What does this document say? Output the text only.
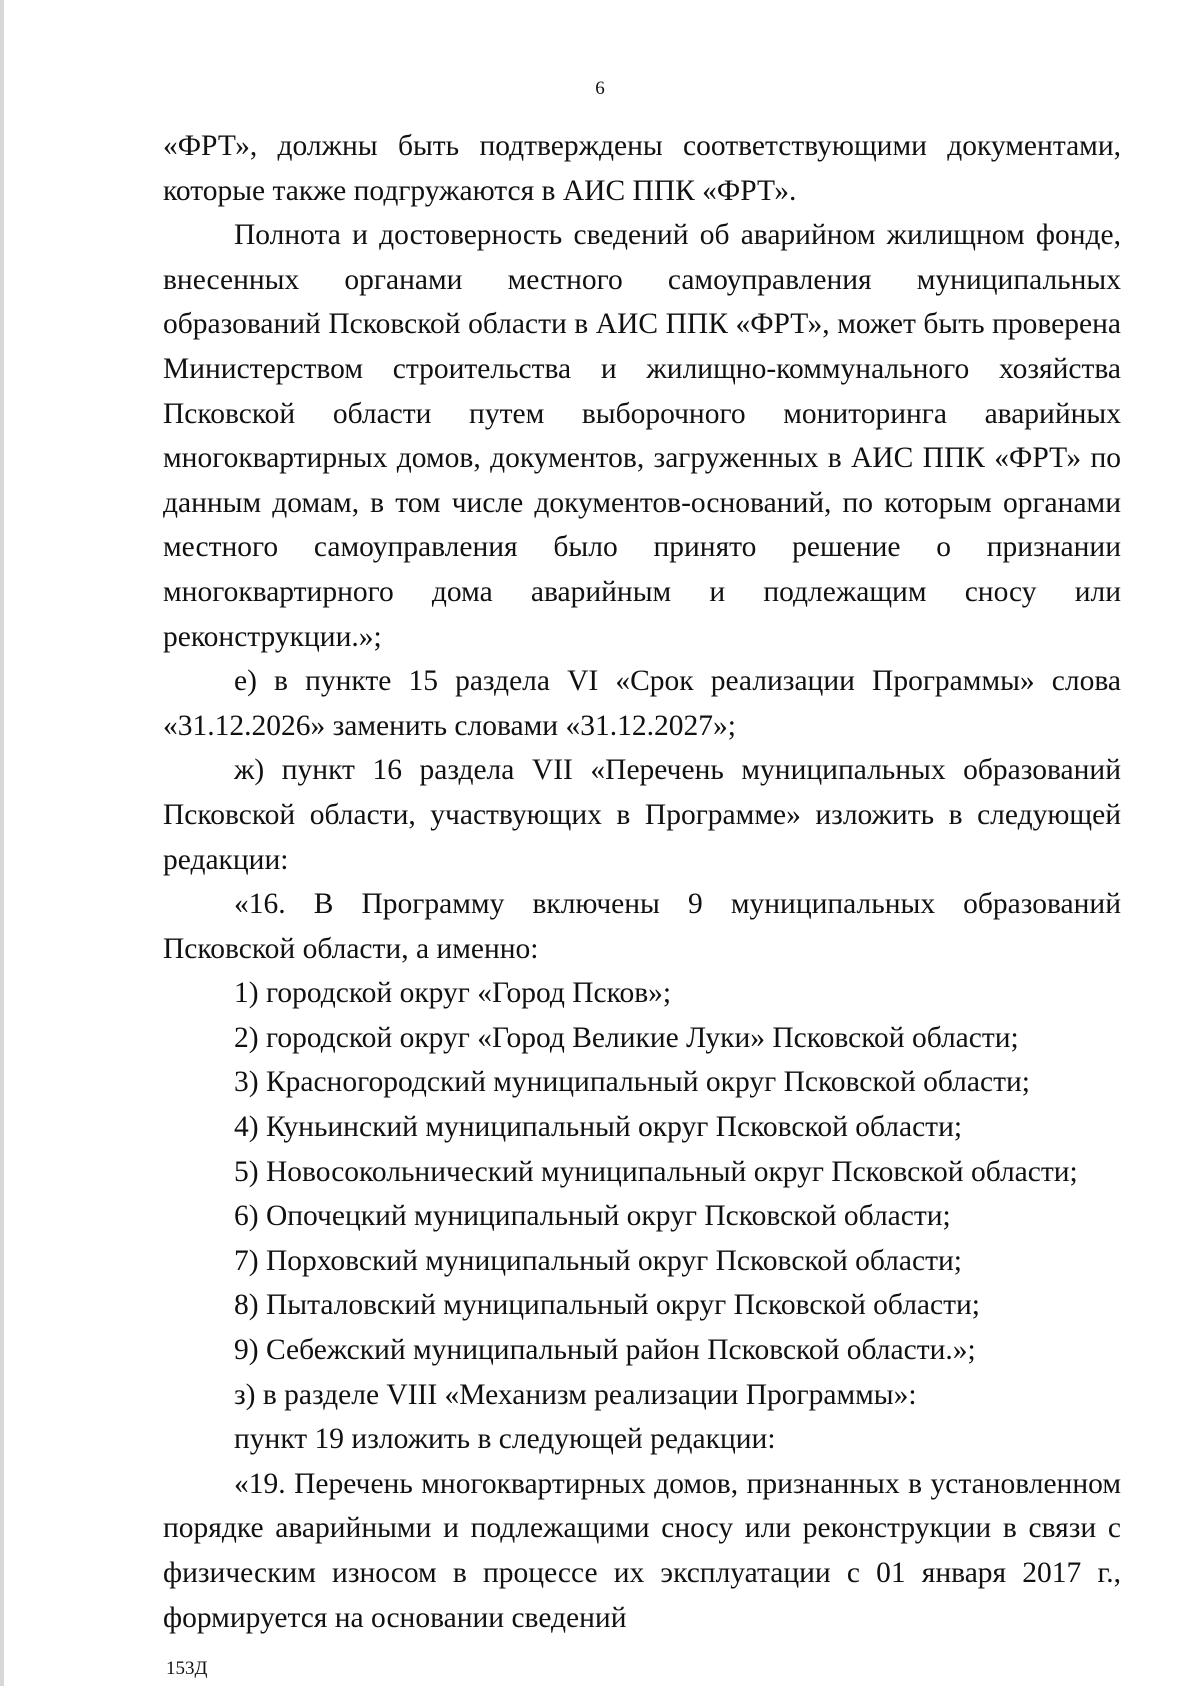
6

«ФРТ», должны быть подтверждены соответствующими документами, которые также подгружаются в АИС ППК «ФРТ».

Полнота и достоверность сведений об аварийном жилищном фонде, внесенных органами местного самоуправления муниципальных образований Псковской области в АИС ППК «ФРТ», может быть проверена Министерством строительства и жилищно-коммунального хозяйства Псковской области путем выборочного мониторинга аварийных многоквартирных домов, документов, загруженных в АИС ППК «ФРТ» по данным домам, в том числе документов-оснований, по которым органами местного самоуправления было принято решение о признании многоквартирного дома аварийным и подлежащим сносу или реконструкции.»;

е) в пункте 15 раздела VI «Срок реализации Программы» слова «31.12.2026» заменить словами «31.12.2027»;

ж) пункт 16 раздела VII «Перечень муниципальных образований Псковской области, участвующих в Программе» изложить в следующей редакции:

«16. В Программу включены 9 муниципальных образований Псковской области, а именно:

1) городской округ «Город Псков»;

2) городской округ «Город Великие Луки» Псковской области;

3) Красногородский муниципальный округ Псковской области;

4) Куньинский муниципальный округ Псковской области;

5) Новосокольнический муниципальный округ Псковской области;

6) Опочецкий муниципальный округ Псковской области;

7) Порховский муниципальный округ Псковской области;

8) Пыталовский муниципальный округ Псковской области;

9) Себежский муниципальный район Псковской области.»;

з) в разделе VIII «Механизм реализации Программы»:

пункт 19 изложить в следующей редакции:

«19. Перечень многоквартирных домов, признанных в установленном порядке аварийными и подлежащими сносу или реконструкции в связи с физическим износом в процессе их эксплуатации с 01 января 2017 г., формируется на основании сведений

153Д
